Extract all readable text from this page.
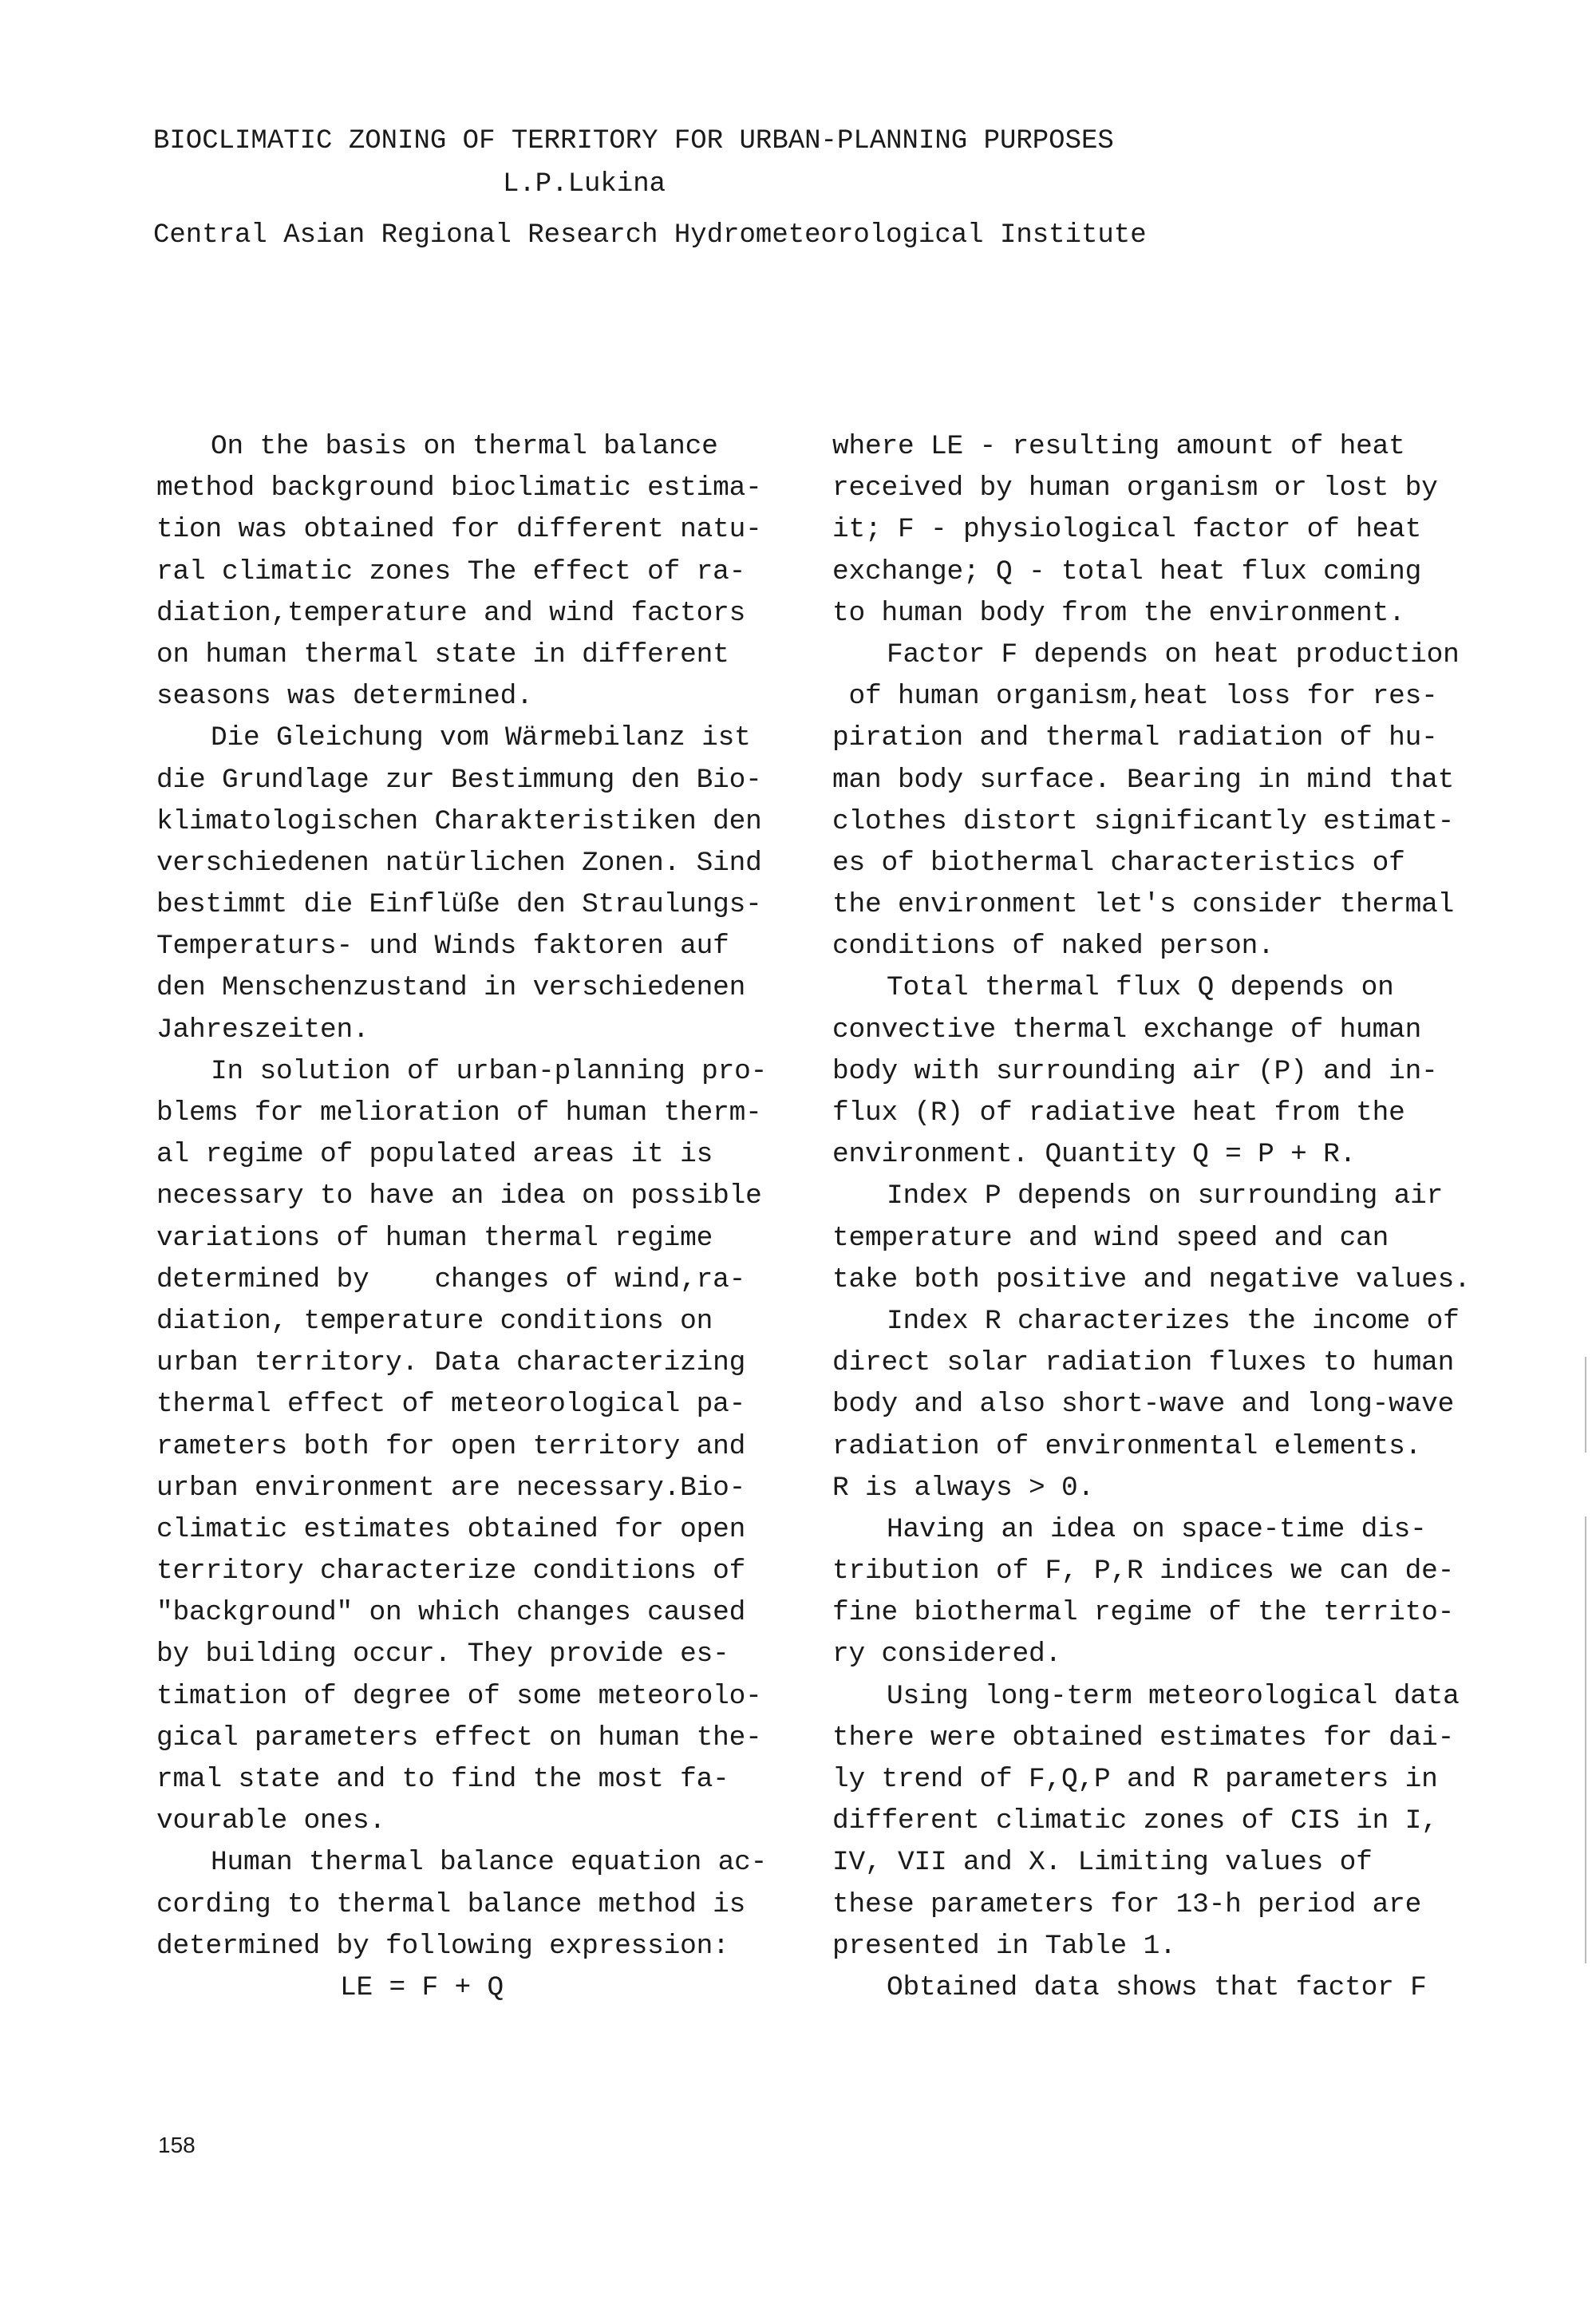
BIOCLIMATIC ZONING OF TERRITORY FOR URBAN-PLANNING PURPOSES
L.P.Lukina
Central Asian Regional Research Hydrometeorological Institute
On the basis on thermal balance
method background bioclimatic estima-
tion was obtained for different natu-
ral climatic zones The effect of ra-
diation,temperature and wind factors
on human thermal state in different
seasons was determined.
Die Gleichung vom Wärmebilanz ist
die Grundlage zur Bestimmung den Bio-
klimatologischen Charakteristiken den
verschiedenen natürlichen Zonen. Sind
bestimmt die Einflüße den Straulungs-
Temperaturs- und Winds faktoren auf
den Menschenzustand in verschiedenen
Jahreszeiten.
In solution of urban-planning pro-
blems for melioration of human therm-
al regime of populated areas it is
necessary to have an idea on possible
variations of human thermal regime
determined by    changes of wind,ra-
diation, temperature conditions on
urban territory. Data characterizing
thermal effect of meteorological pa-
rameters both for open territory and
urban environment are necessary.Bio-
climatic estimates obtained for open
territory characterize conditions of
"background" on which changes caused
by building occur. They provide es-
timation of degree of some meteorolo-
gical parameters effect on human the-
rmal state and to find the most fa-
vourable ones.
Human thermal balance equation ac-
cording to thermal balance method is
determined by following expression:
LE = F + Q
where LE - resulting amount of heat
received by human organism or lost by
it; F - physiological factor of heat
exchange; Q - total heat flux coming
to human body from the environment.
Factor F depends on heat production
of human organism,heat loss for res-
piration and thermal radiation of hu-
man body surface. Bearing in mind that
clothes distort significantly estimat-
es of biothermal characteristics of
the environment let's consider thermal
conditions of naked person.
Total thermal flux Q depends on
convective thermal exchange of human
body with surrounding air (P) and in-
flux (R) of radiative heat from the
environment. Quantity Q = P + R.
Index P depends on surrounding air
temperature and wind speed and can
take both positive and negative values.
Index R characterizes the income of
direct solar radiation fluxes to human
body and also short-wave and long-wave
radiation of environmental elements.
R is always > 0.
Having an idea on space-time dis-
tribution of F, P,R indices we can de-
fine biothermal regime of the territo-
ry considered.
Using long-term meteorological data
there were obtained estimates for dai-
ly trend of F,Q,P and R parameters in
different climatic zones of CIS in I,
IV, VII and X. Limiting values of
these parameters for 13-h period are
presented in Table 1.
Obtained data shows that factor F
158
